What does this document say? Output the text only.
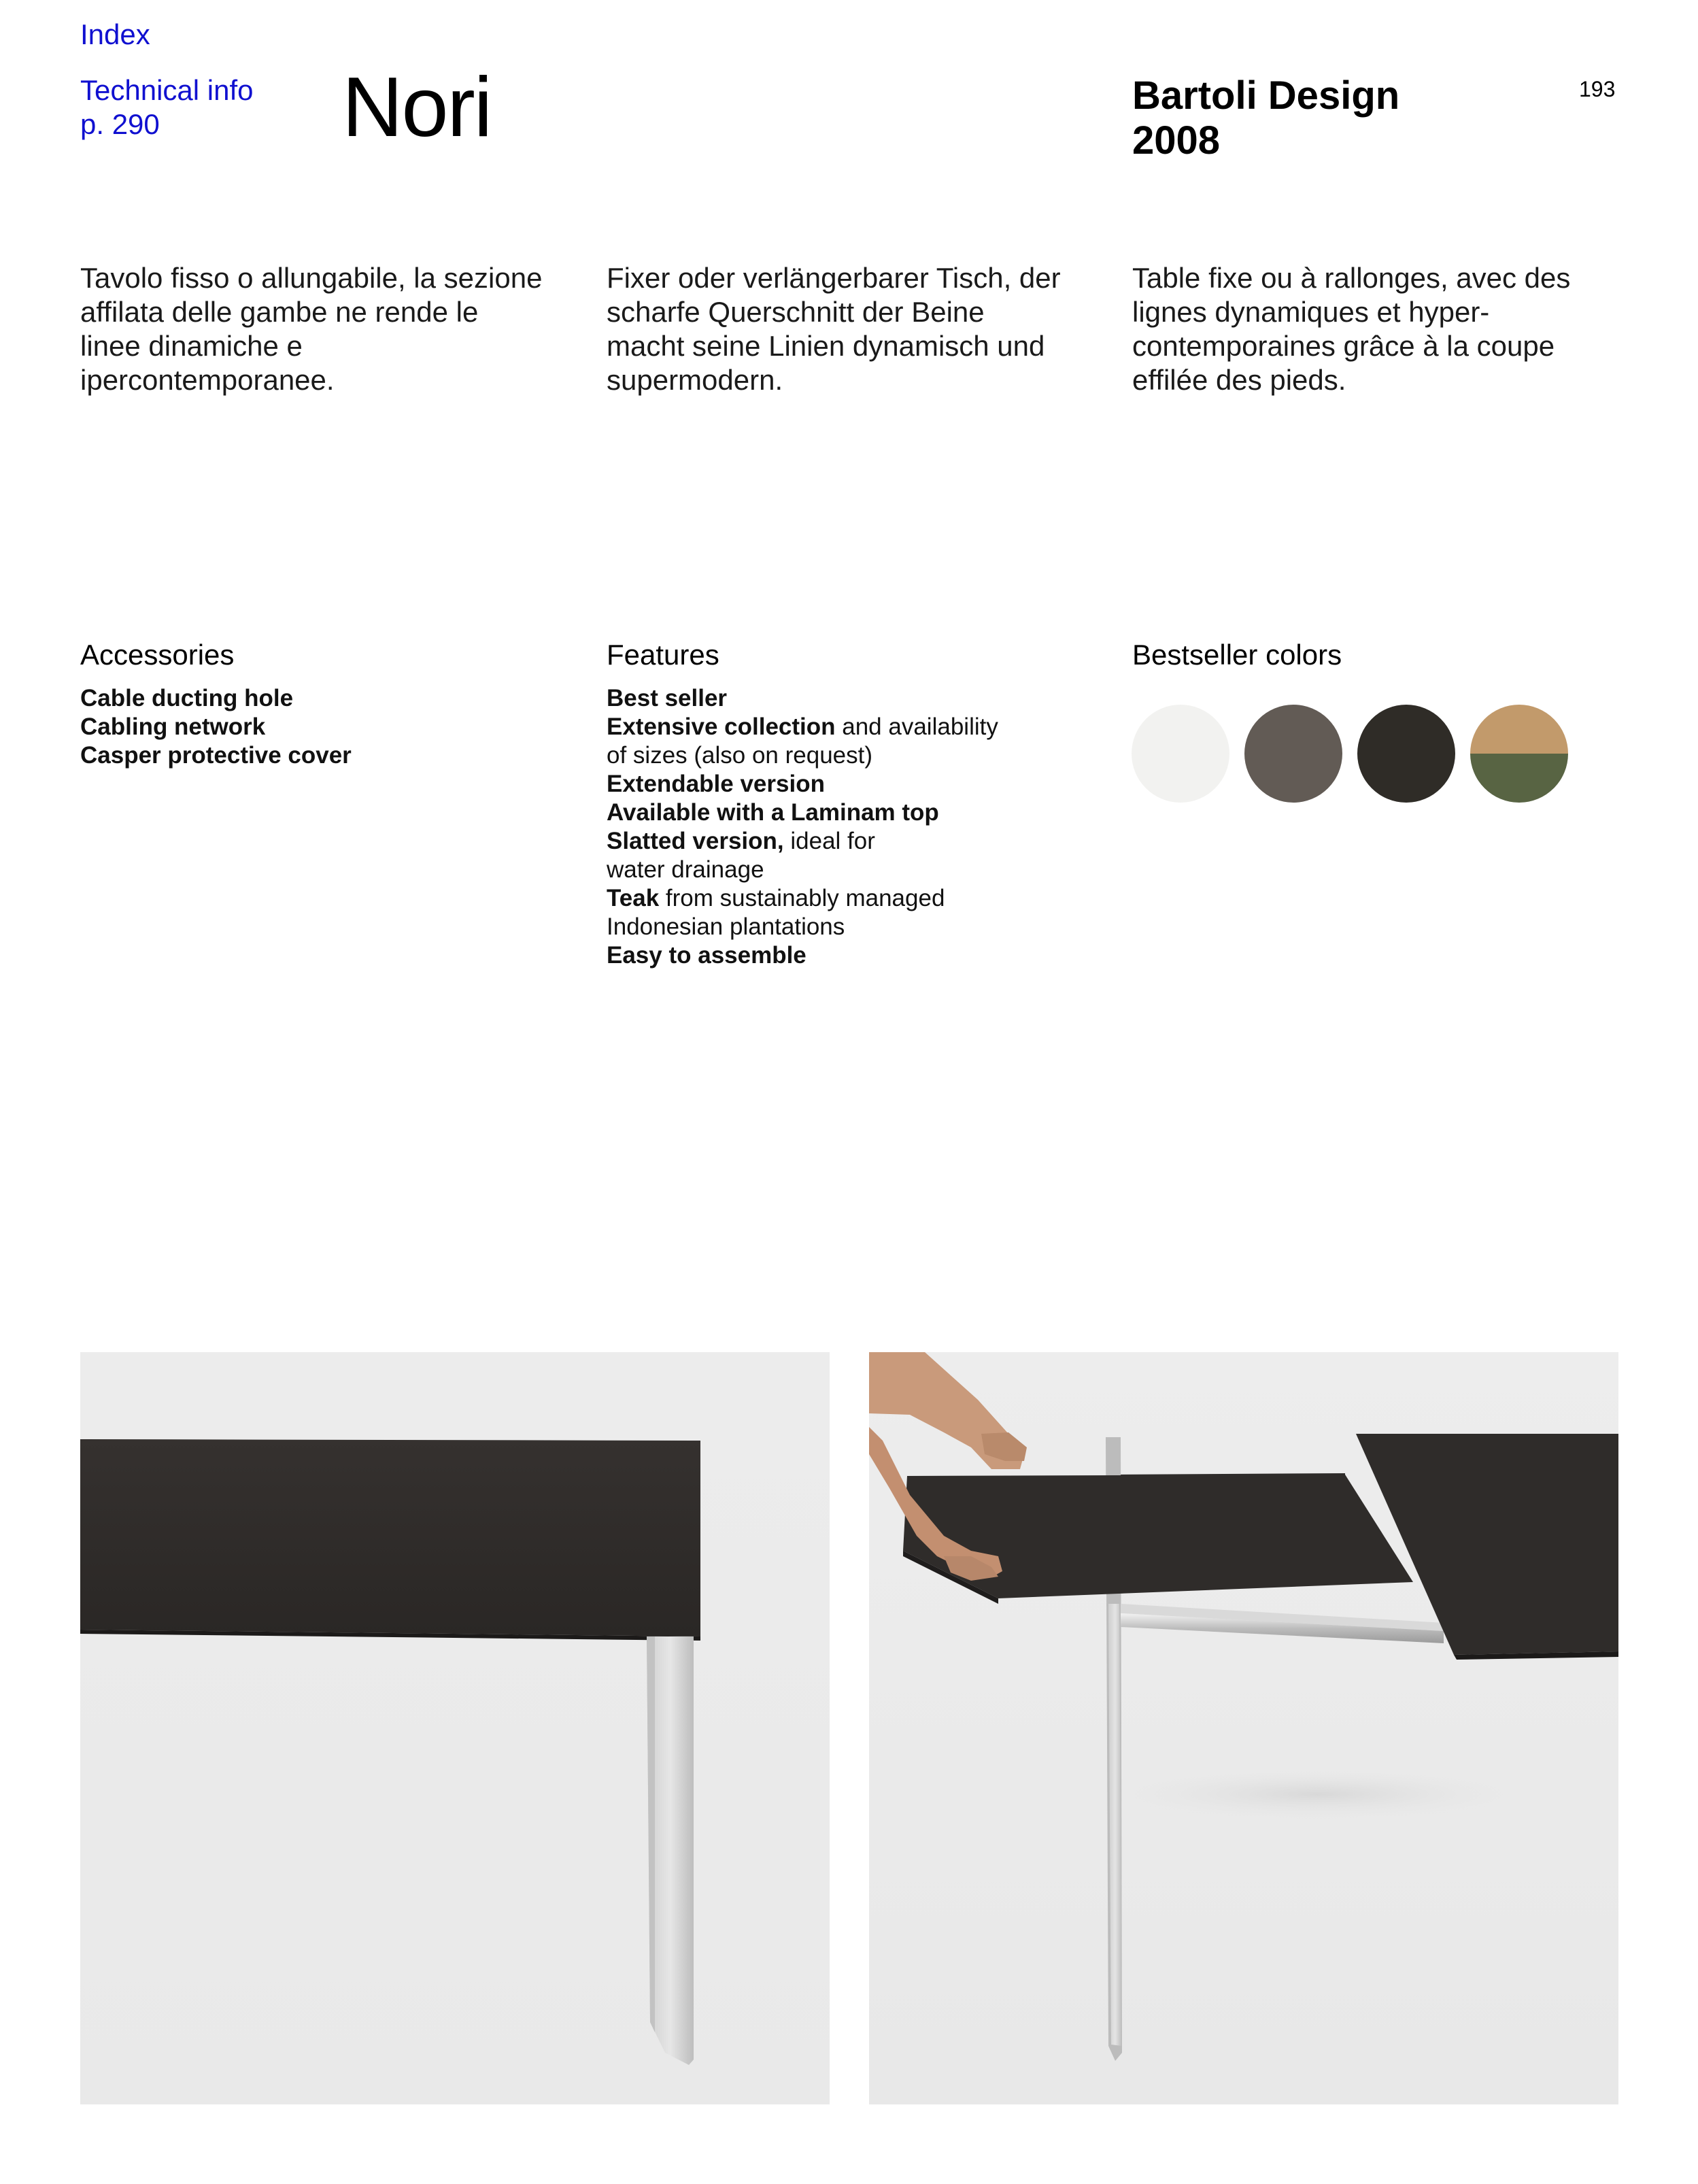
Index
Technical info
p. 290	Nori	Bartoli Design
2008
193
Tavolo fisso o allungabile, la sezione affilata delle gambe ne rende le linee dinamiche e ipercontemporanee.
Fixer oder verlängerbarer Tisch, der scharfe Querschnitt der Beine macht seine Linien dynamisch und supermodern.
Table fixe ou à rallonges, avec des lignes dynamiques et hyper-contemporaines grâce à la coupe effilée des pieds.
Accessories
Cable ducting hole
Cabling network
Casper protective cover
Features
Best seller
Extensive collection and availability
of sizes (also on request)
Extendable version
Available with a Laminam top
Slatted version, ideal for
water drainage
Teak from sustainably managed
Indonesian plantations
Easy to assemble
Bestseller colors
